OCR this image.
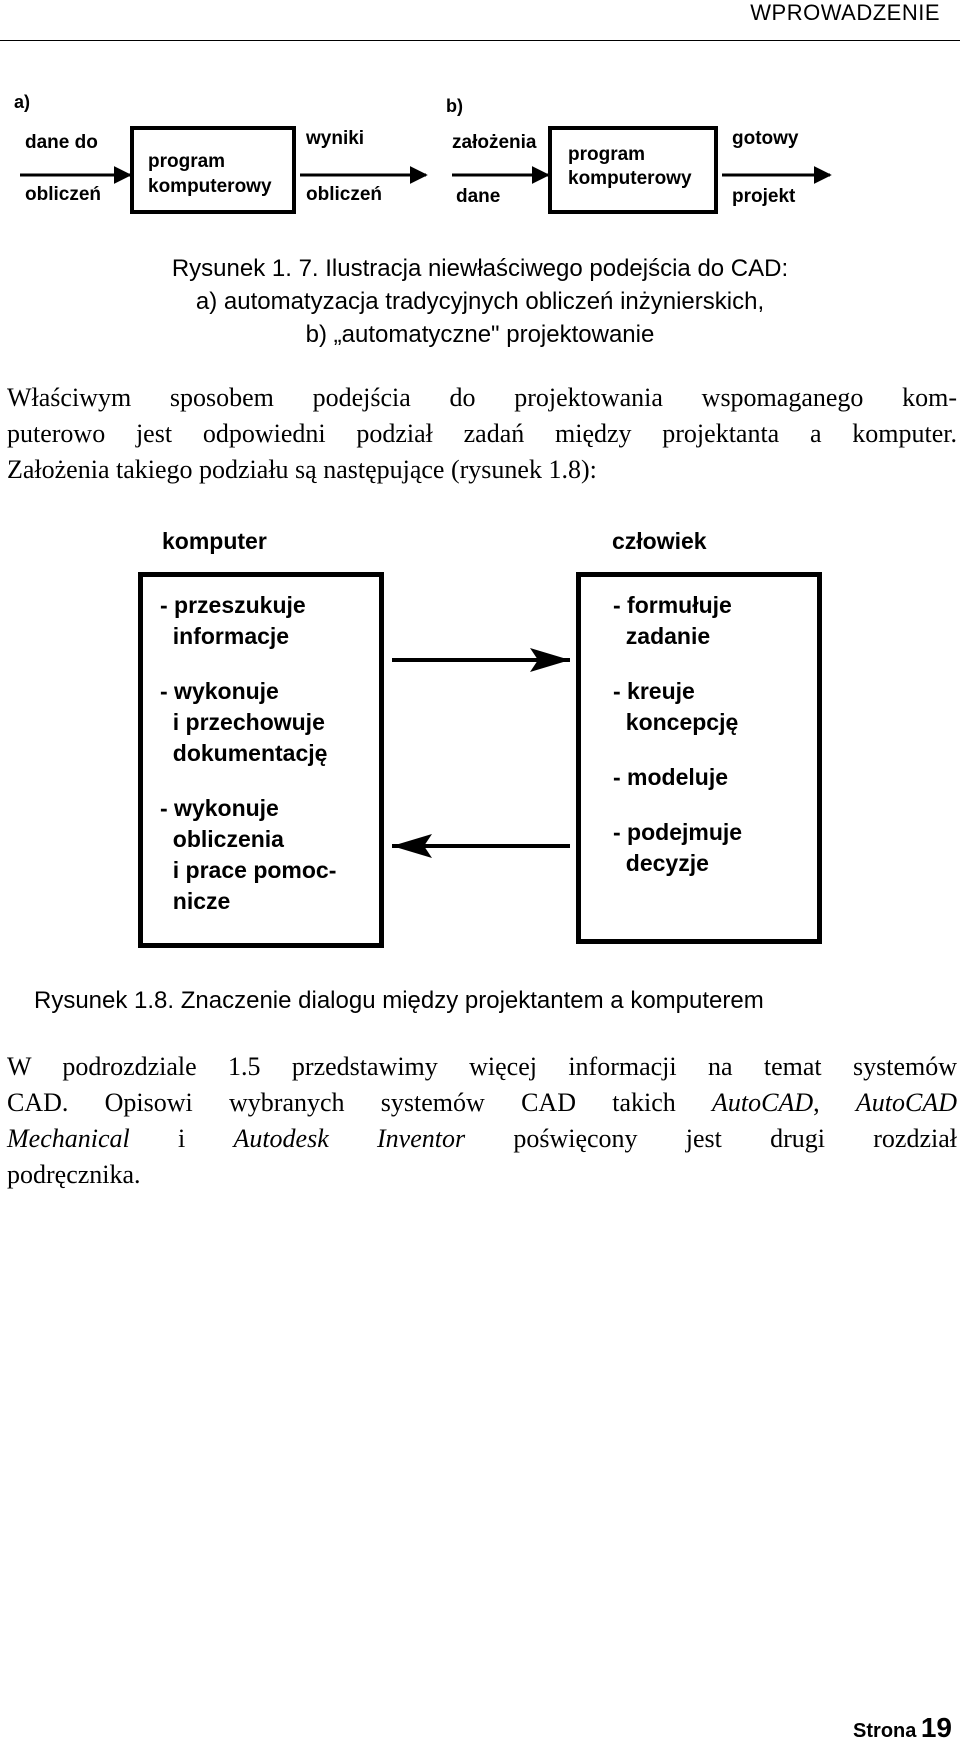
WPROWADZENIE
a)
dane do
obliczeń
program
komputerowy
wyniki
obliczeń
b)
założenia
dane
program
komputerowy
gotowy
projekt
Rysunek 1. 7. Ilustracja niewłaściwego podejścia do CAD:
a) automatyzacja tradycyjnych obliczeń inżynierskich,
b) „automatyczne" projektowanie
Właściwym sposobem podejścia do projektowania wspomaganego kom-
puterowo jest odpowiedni podział zadań między projektanta a komputer.
Założenia takiego podziału są następujące (rysunek 1.8):
komputer	człowiek
- przeszukuje
informacje
- wykonuje
i przechowuje
dokumentację
- wykonuje
obliczenia
i prace pomoc-
nicze
- formułuje
zadanie
- kreuje
koncepcję
- modeluje
- podejmuje
decyzje
Rysunek 1.8. Znaczenie dialogu między projektantem a komputerem
W podrozdziale 1.5 przedstawimy więcej informacji na temat systemów
CAD. Opisowi wybranych systemów CAD takich AutoCAD, AutoCAD
Mechanical i Autodesk Inventor poświęcony jest drugi rozdział
podręcznika.
Strona 19
